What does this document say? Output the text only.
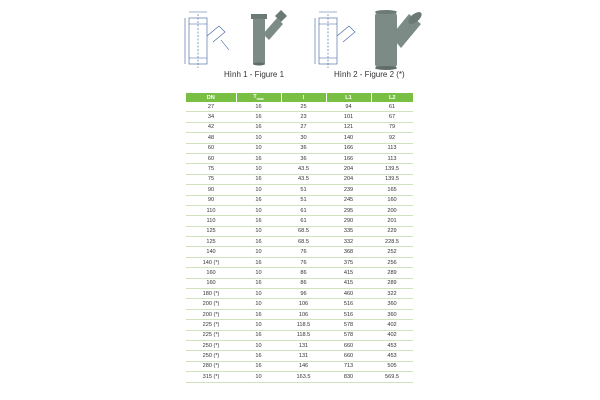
Hình 1 - Figure 1	Hình 2 - Figure 2 (*)
DN	$T_{max}$	l	L1	L2
27	16	25	94	61
34	16	23	101	67
42	16	27	121	79
48	10	30	140	92
60	10	36	166	113
60	16	36	166	113
75	10	43.5	204	139.5
75	16	43.5	204	139.5
90	10	51	239	165
90	16	51	245	160
110	10	61	295	200
110	16	61	290	201
125	10	68.5	335	229
125	16	68.5	332	228.5
140	10	76	368	252
140 (*)	16	76	375	256
160	10	86	415	289
160	16	86	415	289
180 (*)	10	96	460	322
200 (*)	10	106	516	360
200 (*)	16	106	516	360
225 (*)	10	118.5	578	402
225 (*)	16	118.5	578	402
250 (*)	10	131	660	453
250 (*)	16	131	660	453
280 (*)	16	146	713	505
315 (*)	10	163.5	830	569.5
